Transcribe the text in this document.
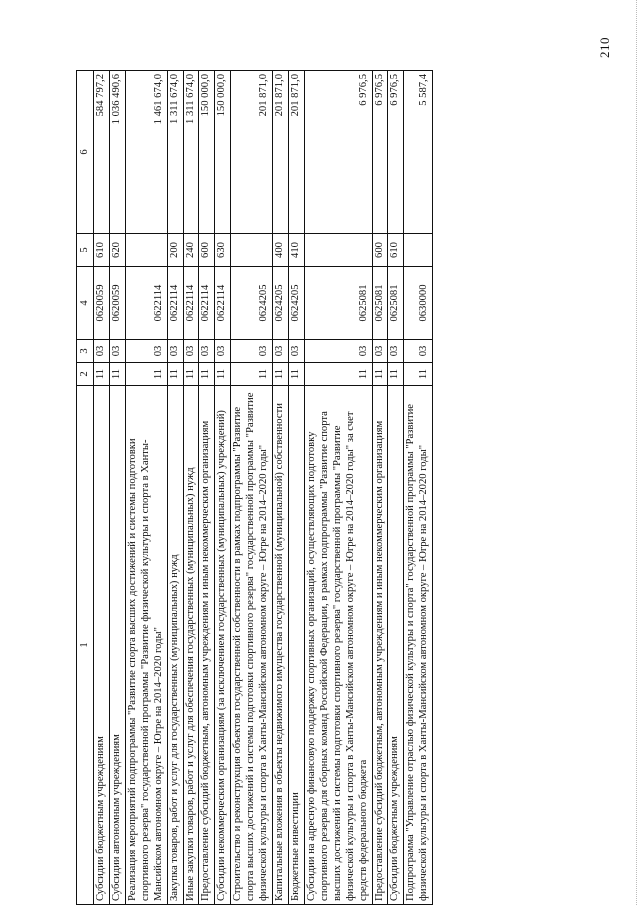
210
1	2	3	4	5	6
Субсидии бюджетным учреждениям	11	03	0620059	610	584 797,2
Субсидии автономным учреждениям	11	03	0620059	620	1 036 490,6
Реализация мероприятий подпрограммы "Развитие спорта высших достижений и системы подготовки спортивного резерва" государственной программы "Развитие физической культуры и спорта в Ханты-Мансийском автономном округе – Югре на 2014–2020 годы"	11	03	0622114		1 461 674,0
Закупка товаров, работ и услуг для государственных (муниципальных) нужд	11	03	0622114	200	1 311 674,0
Иные закупки товаров, работ и услуг для обеспечения государственных (муниципальных) нужд	11	03	0622114	240	1 311 674,0
Предоставление субсидий бюджетным, автономным учреждениям и иным некоммерческим организациям	11	03	0622114	600	150 000,0
Субсидии некоммерческим организациям (за исключением государственных (муниципальных) учреждений)	11	03	0622114	630	150 000,0
Строительство и реконструкция объектов государственной собственности в рамках подпрограммы "Развитие спорта высших достижений и системы подготовки спортивного резерва" государственной программы "Развитие физической культуры и спорта в Ханты-Мансийском автономном округе – Югре на 2014–2020 годы"	11	03	0624205		201 871,0
Капитальные вложения в объекты недвижимого имущества государственной (муниципальной) собственности	11	03	0624205	400	201 871,0
Бюджетные инвестиции	11	03	0624205	410	201 871,0
Субсидии на адресную финансовую поддержку спортивных организаций, осуществляющих подготовку спортивного резерва для сборных команд Российской Федерации, в рамках подпрограммы "Развитие спорта высших достижений и системы подготовки спортивного резерва" государственной программы "Развитие физической культуры и спорта в Ханты-Мансийском автономном округе – Югре на 2014–2020 годы" за счет средств федерального бюджета	11	03	0625081		6 976,5
Предоставление субсидий бюджетным, автономным учреждениям и иным некоммерческим организациям	11	03	0625081	600	6 976,5
Субсидии бюджетным учреждениям	11	03	0625081	610	6 976,5
Подпрограмма "Управление отраслью физической культуры и спорта" государственной программы "Развитие физической культуры и спорта в Ханты-Мансийском автономном округе – Югре на 2014–2020 годы"	11	03	0630000		5 587,4
